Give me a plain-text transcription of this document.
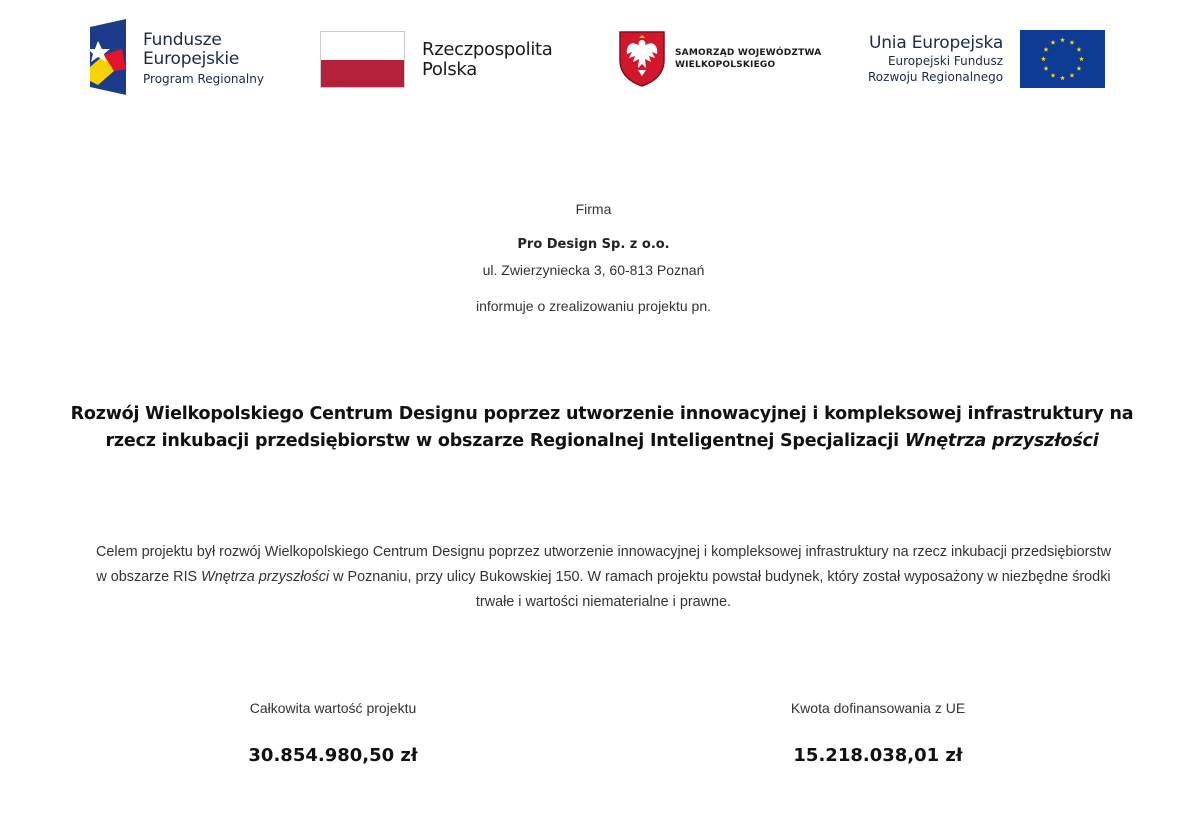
Fundusze
Europejskie
Program Regionalny
Rzeczpospolita
Polska
SAMORZĄD WOJEWÓDZTWA
WIELKOPOLSKIEGO
Unia Europejska
Europejski Fundusz
Rozwoju Regionalnego
Firma
Pro Design Sp. z o.o.
ul. Zwierzyniecka 3, 60-813 Poznań
informuje o zrealizowaniu projektu pn.
Rozwój Wielkopolskiego Centrum Designu poprzez utworzenie innowacyjnej i kompleksowej infrastruktury na rzecz inkubacji przedsiębiorstw w obszarze Regionalnej Inteligentnej Specjalizacji Wnętrza przyszłości
Celem projektu był rozwój Wielkopolskiego Centrum Designu poprzez utworzenie innowacyjnej i kompleksowej infrastruktury na rzecz inkubacji przedsiębiorstw w obszarze RIS Wnętrza przyszłości w Poznaniu, przy ulicy Bukowskiej 150. W ramach projektu powstał budynek, który został wyposażony w niezbędne środki trwałe i wartości niematerialne i prawne.
Całkowita wartość projektu
30.854.980,50 zł
Kwota dofinansowania z UE
15.218.038,01 zł
